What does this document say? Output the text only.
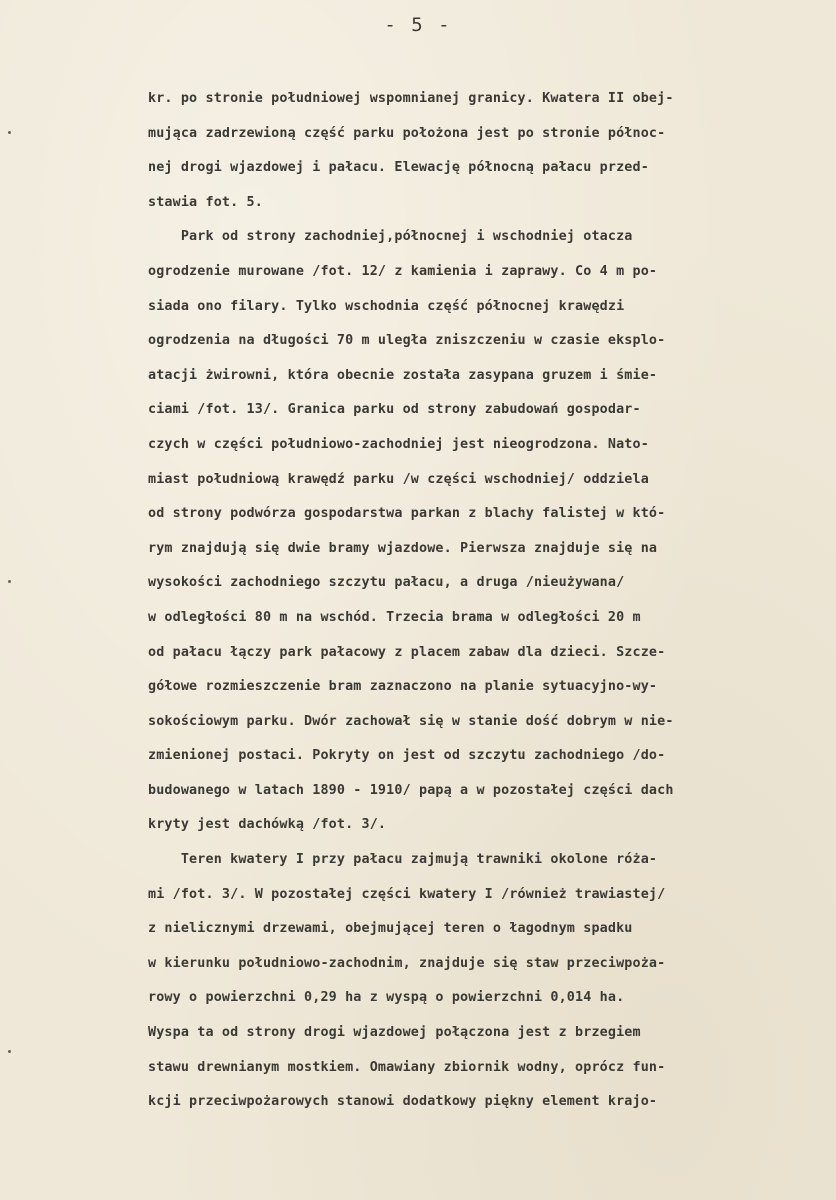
- 5 -
kr. po stronie południowej wspomnianej granicy. Kwatera II obej-
mująca zadrzewioną część parku położona jest po stronie północ-
nej drogi wjazdowej i pałacu. Elewację północną pałacu przed-
stawia fot. 5.
Park od strony zachodniej,północnej i wschodniej otacza
ogrodzenie murowane /fot. 12/ z kamienia i zaprawy. Co 4 m po-
siada ono filary. Tylko wschodnia część północnej krawędzi
ogrodzenia na długości 70 m uległa zniszczeniu w czasie eksplo-
atacji żwirowni, która obecnie została zasypana gruzem i śmie-
ciami /fot. 13/. Granica parku od strony zabudowań gospodar-
czych w części południowo-zachodniej jest nieogrodzona. Nato-
miast południową krawędź parku /w części wschodniej/ oddziela
od strony podwórza gospodarstwa parkan z blachy falistej w któ-
rym znajdują się dwie bramy wjazdowe. Pierwsza znajduje się na
wysokości zachodniego szczytu pałacu, a druga /nieużywana/
w odległości 80 m na wschód. Trzecia brama w odległości 20 m
od pałacu łączy park pałacowy z placem zabaw dla dzieci. Szcze-
gółowe rozmieszczenie bram zaznaczono na planie sytuacyjno-wy-
sokościowym parku. Dwór zachował się w stanie dość dobrym w nie-
zmienionej postaci. Pokryty on jest od szczytu zachodniego /do-
budowanego w latach 1890 - 1910/ papą a w pozostałej części dach
kryty jest dachówką /fot. 3/.
Teren kwatery I przy pałacu zajmują trawniki okolone róża-
mi /fot. 3/. W pozostałej części kwatery I /również trawiastej/
z nielicznymi drzewami, obejmującej teren o łagodnym spadku
w kierunku południowo-zachodnim, znajduje się staw przeciwpoża-
rowy o powierzchni 0,29 ha z wyspą o powierzchni 0,014 ha.
Wyspa ta od strony drogi wjazdowej połączona jest z brzegiem
stawu drewnianym mostkiem. Omawiany zbiornik wodny, oprócz fun-
kcji przeciwpożarowych stanowi dodatkowy piękny element krajo-
